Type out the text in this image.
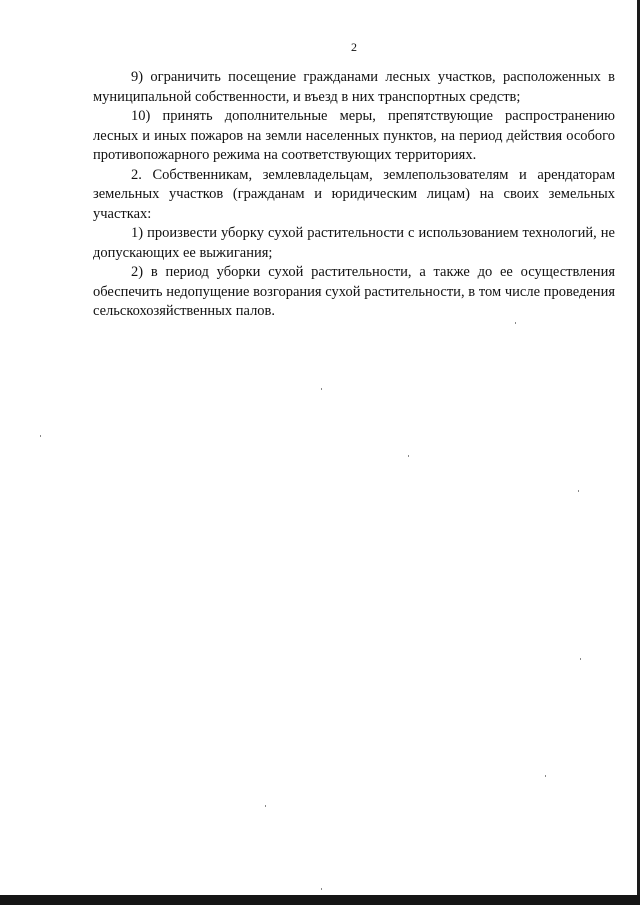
2

9) ограничить посещение гражданами лесных участков, расположенных в муниципальной собственности, и въезд в них транспортных средств;

10) принять дополнительные меры, препятствующие распространению лесных и иных пожаров на земли населенных пунктов, на период действия особого противопожарного режима на соответствующих территориях.

2. Собственникам, землевладельцам, землепользователям и арендаторам земельных участков (гражданам и юридическим лицам) на своих земельных участках:

1) произвести уборку сухой растительности с использованием технологий, не допускающих ее выжигания;

2) в период уборки сухой растительности, а также до ее осуществления обеспечить недопущение возгорания сухой растительности, в том числе проведения сельскохозяйственных палов.
